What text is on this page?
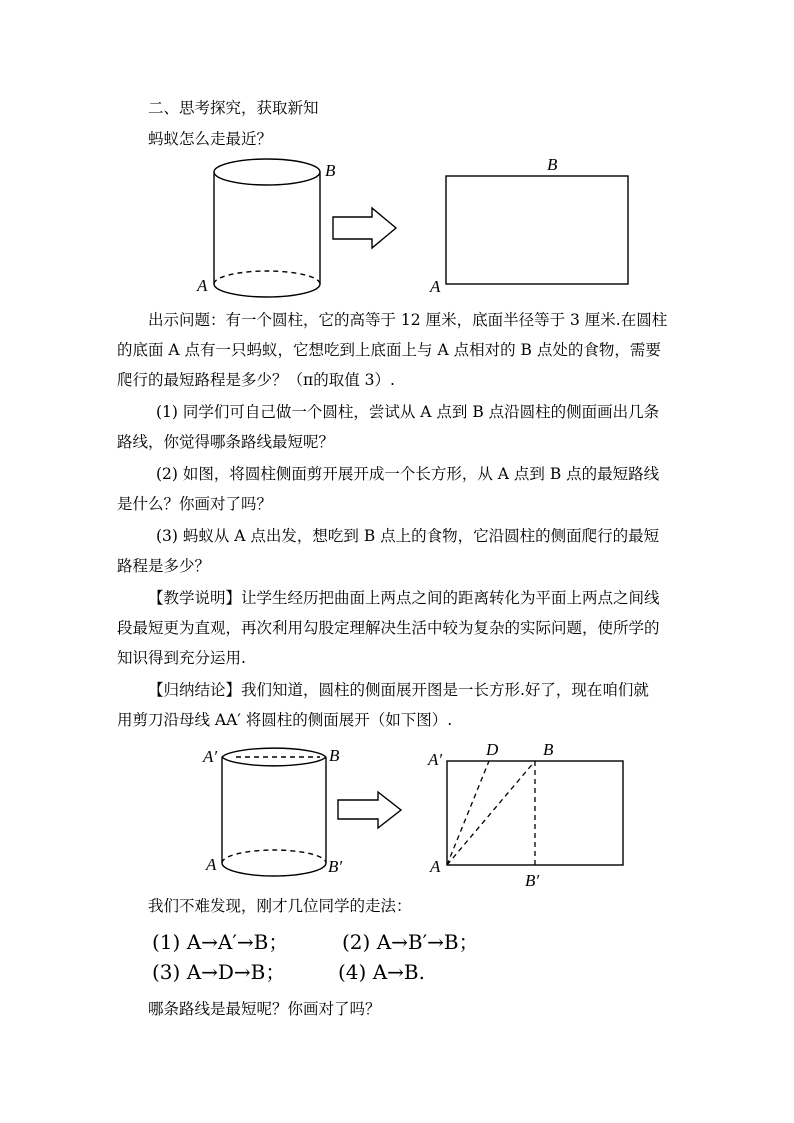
B
A
B
A
A′	B
A	B′
A′
D	B
A
B′
二、思考探究，获取新知
蚂蚁怎么走最近？
出示问题：有一个圆柱，它的高等于 12 厘米，底面半径等于 3 厘米.在圆柱
的底面 A 点有一只蚂蚁，它想吃到上底面上与 A 点相对的 B 点处的食物，需要
爬行的最短路程是多少？（π的取值 3）.
(1) 同学们可自己做一个圆柱，尝试从 A 点到 B 点沿圆柱的侧面画出几条
路线，你觉得哪条路线最短呢？
(2) 如图，将圆柱侧面剪开展开成一个长方形，从 A 点到 B 点的最短路线
是什么？你画对了吗？
(3) 蚂蚁从 A 点出发，想吃到 B 点上的食物，它沿圆柱的侧面爬行的最短
路程是多少？
【教学说明】让学生经历把曲面上两点之间的距离转化为平面上两点之间线
段最短更为直观，再次利用勾股定理解决生活中较为复杂的实际问题，使所学的
知识得到充分运用.
【归纳结论】我们知道，圆柱的侧面展开图是一长方形.好了，现在咱们就
用剪刀沿母线 AA′ 将圆柱的侧面展开（如下图）.
我们不难发现，刚才几位同学的走法：
(1) A→A′→B；	(2) A→B′→B；
(3) A→D→B；	(4) A→B.
哪条路线是最短呢？你画对了吗？
